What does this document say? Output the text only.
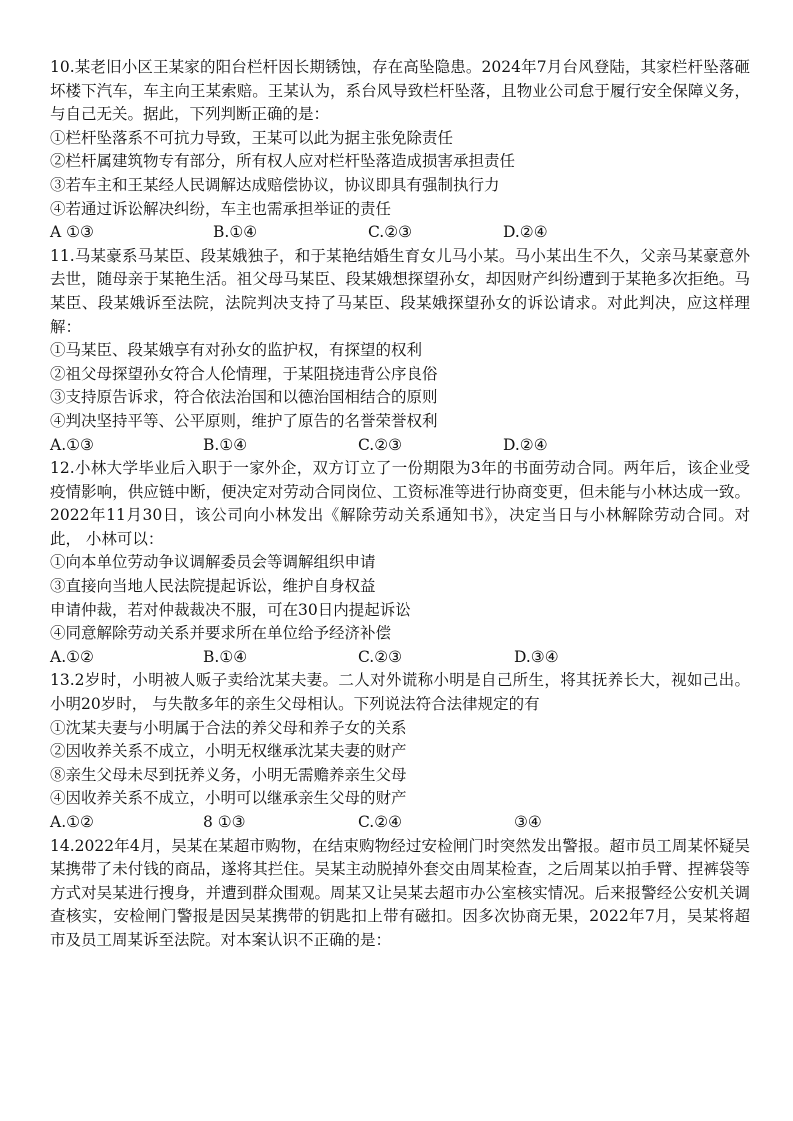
10.某老旧小区王某家的阳台栏杆因长期锈蚀，存在高坠隐患。2024年7月台风登陆，其家栏杆坠落砸坏楼下汽车，车主向王某索赔。王某认为，系台风导致栏杆坠落，且物业公司怠于履行安全保障义务，与自己无关。据此，下列判断正确的是：

①栏杆坠落系不可抗力导致，王某可以此为据主张免除责任

②栏杆属建筑物专有部分，所有权人应对栏杆坠落造成损害承担责任

③若车主和王某经人民调解达成赔偿协议，协议即具有强制执行力

④若通过诉讼解决纠纷，车主也需承担举证的责任

A ①③	B.①④	C.②③	D.②④

11.马某豪系马某臣、段某娥独子，和于某艳结婚生育女儿马小某。马小某出生不久，父亲马某豪意外去世，随母亲于某艳生活。祖父母马某臣、段某娥想探望孙女，却因财产纠纷遭到于某艳多次拒绝。马某臣、段某娥诉至法院，法院判决支持了马某臣、段某娥探望孙女的诉讼请求。对此判决，应这样理解：

①马某臣、段某娥享有对孙女的监护权，有探望的权利

②祖父母探望孙女符合人伦情理，于某阻挠违背公序良俗

③支持原告诉求，符合依法治国和以德治国相结合的原则

④判决坚持平等、公平原则，维护了原告的名誉荣誉权利

A.①③	B.①④	C.②③	D.②④

12.小林大学毕业后入职于一家外企，双方订立了一份期限为3年的书面劳动合同。两年后，该企业受疫情影响，供应链中断，便决定对劳动合同岗位、工资标准等进行协商变更，但未能与小林达成一致。2022年11月30日，该公司向小林发出《解除劳动关系通知书》，决定当日与小林解除劳动合同。对此， 小林可以：

①向本单位劳动争议调解委员会等调解组织申请

③直接向当地人民法院提起诉讼，维护自身权益

申请仲裁，若对仲裁裁决不服，可在30日内提起诉讼

④同意解除劳动关系并要求所在单位给予经济补偿

A.①②	B.①④	C.②③	D.③④

13.2岁时，小明被人贩子卖给沈某夫妻。二人对外谎称小明是自己所生，将其抚养长大，视如己出。小明20岁时， 与失散多年的亲生父母相认。下列说法符合法律规定的有

①沈某夫妻与小明属于合法的养父母和养子女的关系

②因收养关系不成立，小明无权继承沈某夫妻的财产

⑧亲生父母未尽到抚养义务，小明无需赡养亲生父母

④因收养关系不成立，小明可以继承亲生父母的财产

A.①②	8 ①③	C.②④	③④

14.2022年4月，吴某在某超市购物，在结束购物经过安检闸门时突然发出警报。超市员工周某怀疑吴某携带了未付钱的商品，遂将其拦住。吴某主动脱掉外套交由周某检查，之后周某以拍手臂、捏裤袋等方式对吴某进行搜身，并遭到群众围观。周某又让吴某去超市办公室核实情况。后来报警经公安机关调查核实，安检闸门警报是因吴某携带的钥匙扣上带有磁扣。因多次协商无果，2022年7月，吴某将超市及员工周某诉至法院。对本案认识不正确的是：
